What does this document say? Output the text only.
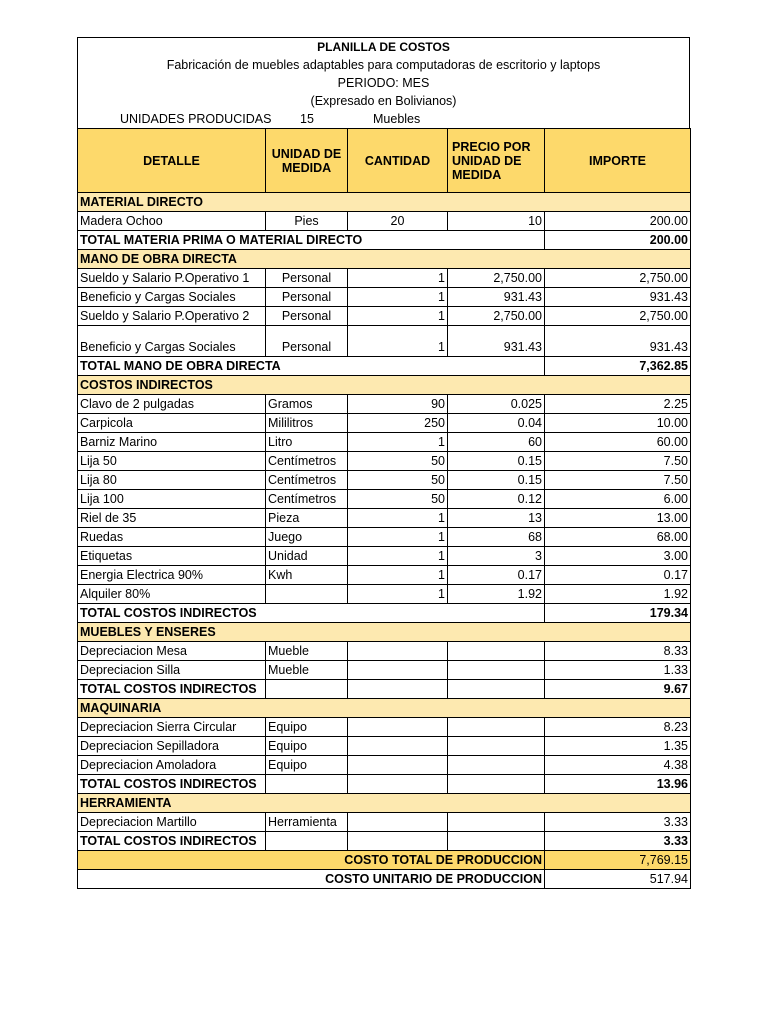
PLANILLA DE COSTOS
Fabricación de muebles adaptables para computadoras de escritorio y laptops
PERIODO: MES
(Expresado en Bolivianos)
UNIDADES PRODUCIDAS 15	Muebles
DETALLE	UNIDAD DE MEDIDA	CANTIDAD	PRECIO POR UNIDAD DE MEDIDA	IMPORTE
MATERIAL DIRECTO				
Madera Ochoo	Pies	20	10	200.00
TOTAL MATERIA PRIMA O MATERIAL DIRECTO				200.00
MANO DE OBRA DIRECTA				
Sueldo y Salario P.Operativo 1	Personal	1	2,750.00	2,750.00
Beneficio y Cargas Sociales	Personal	1	931.43	931.43
Sueldo y Salario P.Operativo 2	Personal	1	2,750.00	2,750.00
Beneficio y Cargas Sociales	Personal	1	931.43	931.43
TOTAL MANO DE OBRA DIRECTA				7,362.85
COSTOS INDIRECTOS				
Clavo de 2 pulgadas	Gramos	90	0.025	2.25
Carpicola	Mililitros	250	0.04	10.00
Barniz Marino	Litro	1	60	60.00
Lija 50	Centímetros	50	0.15	7.50
Lija 80	Centímetros	50	0.15	7.50
Lija 100	Centímetros	50	0.12	6.00
Riel de 35	Pieza	1	13	13.00
Ruedas	Juego	1	68	68.00
Etiquetas	Unidad	1	3	3.00
Energia Electrica 90%	Kwh	1	0.17	0.17
Alquiler 80%		1	1.92	1.92
TOTAL COSTOS INDIRECTOS				179.34
MUEBLES Y ENSERES				
Depreciacion Mesa	Mueble			8.33
Depreciacion Silla	Mueble			1.33
TOTAL COSTOS INDIRECTOS				9.67
MAQUINARIA				
Depreciacion Sierra Circular	Equipo			8.23
Depreciacion Sepilladora	Equipo			1.35
Depreciacion Amoladora	Equipo			4.38
TOTAL COSTOS INDIRECTOS				13.96
HERRAMIENTA				
Depreciacion Martillo	Herramienta			3.33
TOTAL COSTOS INDIRECTOS				3.33
COSTO TOTAL DE PRODUCCION				7,769.15
COSTO UNITARIO DE PRODUCCION				517.94
